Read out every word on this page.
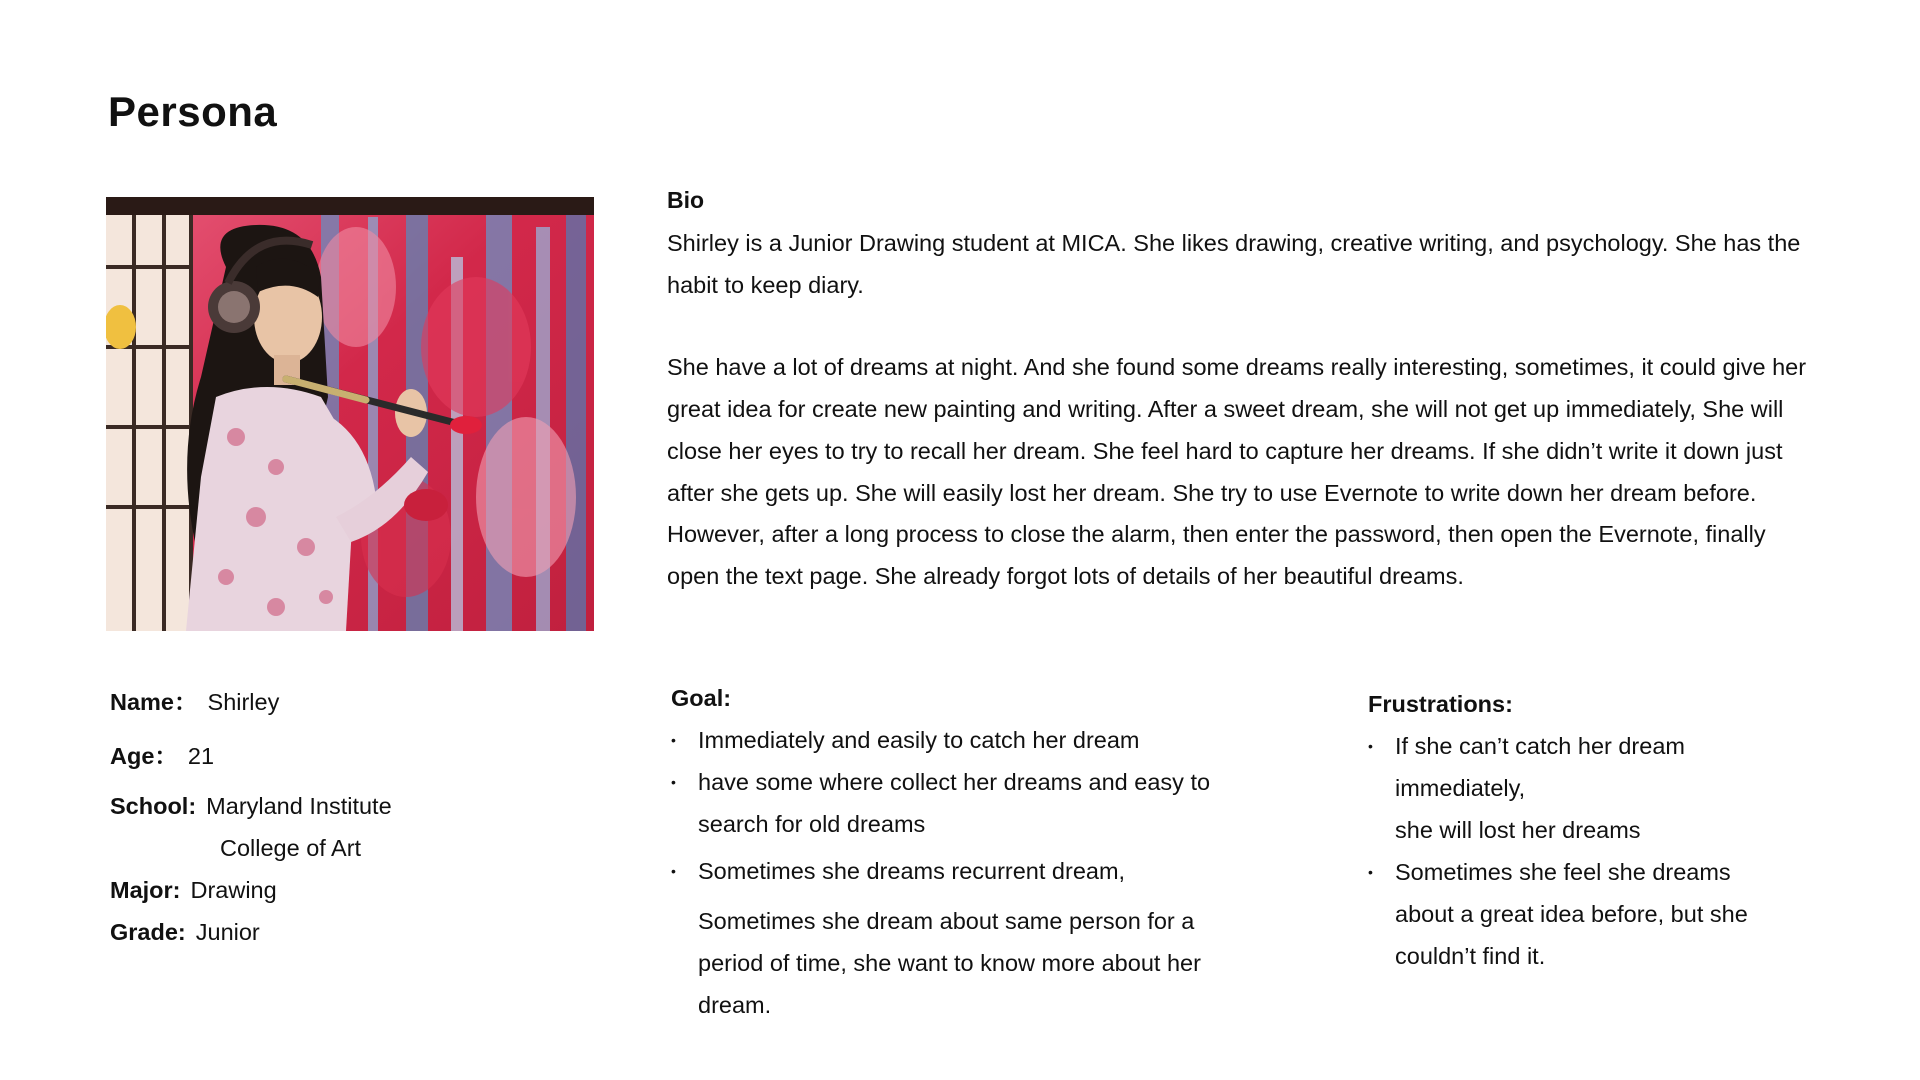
Persona
Bio

Shirley is a Junior Drawing student at MICA. She likes drawing, creative writing, and psychology. She has the habit to keep diary.

She have a lot of dreams at night. And she found some dreams really interesting, sometimes, it could give her great idea for create new painting and writing. After a sweet dream, she will not get up immediately, She will close her eyes to try to recall her dream. She feel hard to capture her dreams. If she didn’t write it down just after she gets up. She will easily lost her dream. She try to use Evernote to write down her dream before. However, after a long process to close the alarm, then enter the password, then open the Evernote, finally open the text page. She already forgot lots of details of her beautiful dreams.

Name： Shirley
Age： 21
School: Maryland Institute
College of Art
Major: Drawing
Grade: Junior
Goal:
• Immediately and easily to catch her dream
• have some where collect her dreams and easy to
search for old dreams
• Sometimes she dreams recurrent dream,
Sometimes she dream about same person for a
period of time, she want to know more about her
dream.
Frustrations:
• If she can’t catch her dream
immediately,
she will lost her dreams
• Sometimes she feel she dreams
about a great idea before, but she
couldn’t find it.
